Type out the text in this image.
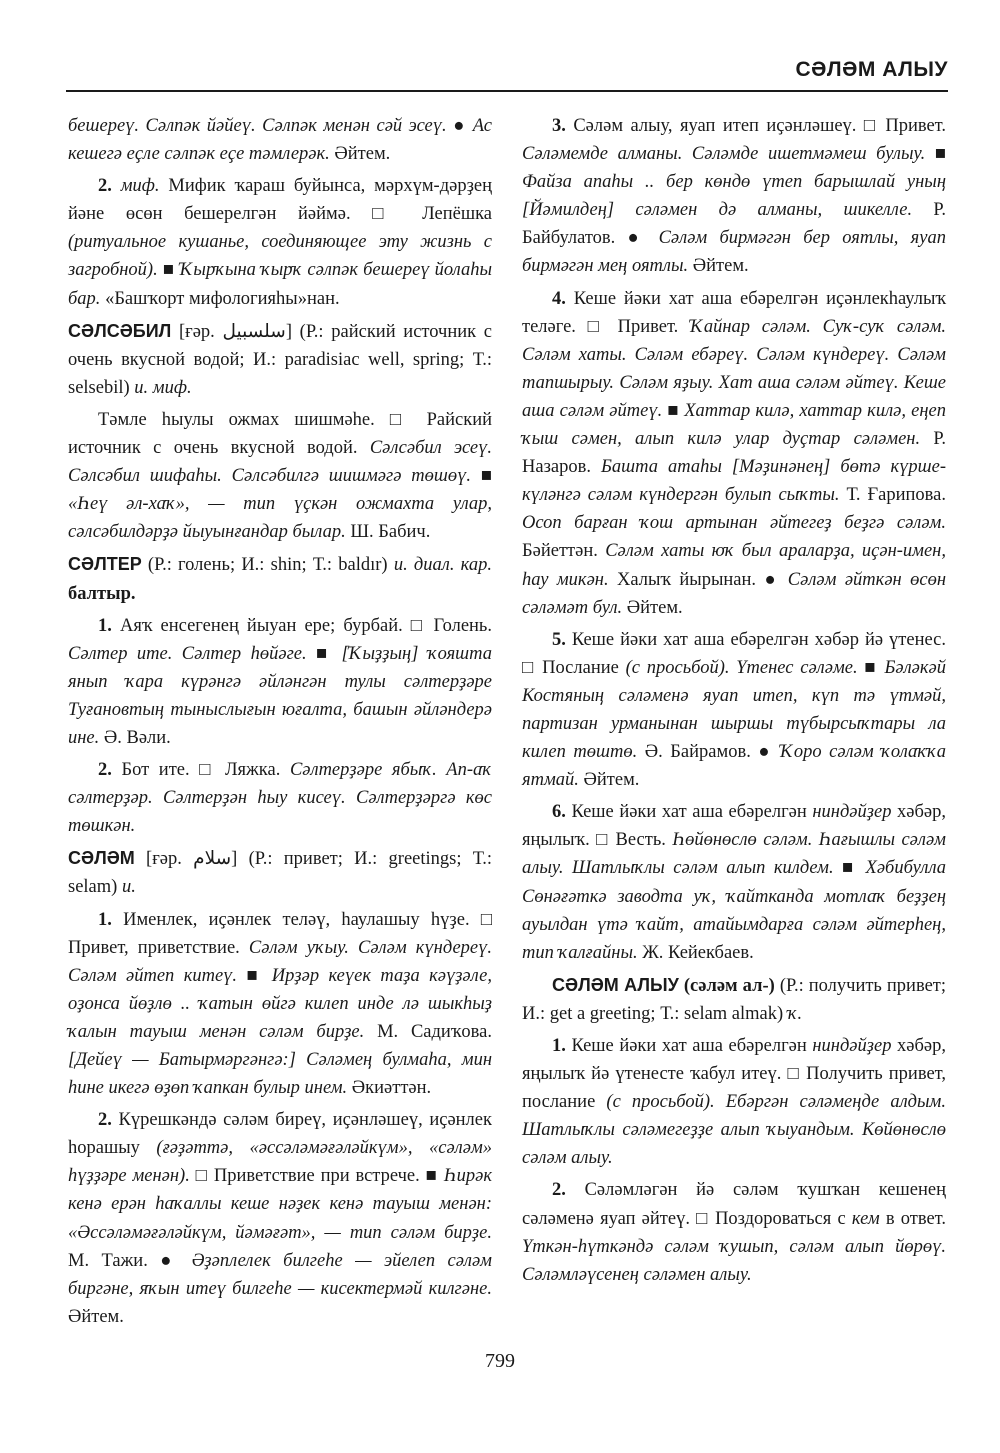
СӘЛӘМ АЛЫУ

бешереү. Сәлпәк йәйеү. Сәлпәк менән сәй эсеү. ● Ас кешегә еҫле сәлпәк еҫе тәмлерәк. Әйтем.

2. миф. Мифик ҡараш буйынса, мәрхүм-дәрҙең йәне өсөн бешерелгән йәймә. □ Лепёшка (ритуальное кушанье, соединяющее эту жизнь с загробной). ■ Ҡырҡына ҡырҡ сәлпәк бешереү йолаһы бар. «Башҡорт мифологияһы»нан.

СӘЛСӘБИЛ [ғәр. سلسبيل] (Р.: райский источник с очень вкусной водой; И.: paradisiac well, spring; Т.: selsebil) и. миф.

Тәмле һыулы ожмах шишмәһе. □ Райский источник с очень вкусной водой. Сәлсәбил эсеү. Сәлсәбил шифаһы. Сәлсәбилгә шишмәгә төшөү. ■ «Һеү әл-хаҡ», — тип үҫкән ожмахта улар, сәлсәбилдәрҙә йыуынғандар былар. Ш. Бабич.

СӘЛТЕР (Р.: голень; И.: shin; Т.: baldır) и. диал. кар. балтыр.

1. Аяҡ енсегенең йыуан ере; бурбай. □ Голень. Сәлтер ите. Сәлтер һөйәге. ■ [Ҡыҙҙың] ҡояшта янып ҡара күрәнгә әйләнгән тулы сәлтерҙәре Туғановтың тыныслығын юғалта, башын әйләндерә ине. Ә. Вәли.

2. Бот ите. □ Ляжка. Сәлтерҙәре ябыҡ. Ап-аҡ сәлтерҙәр. Сәлтерҙән һыу кисеү. Сәлтерҙәргә көс төшкән.

СӘЛӘМ [ғәр. سلام] (Р.: привет; И.: greetings; Т.: selam) и.

1. Именлек, иҫәнлек теләү, һаулашыу һүҙе. □ Привет, приветствие. Сәләм уҡыу. Сәләм күндереү. Сәләм әйтеп китеү. ■ Ирҙәр кеүек таҙа кәүҙәле, оҙонса йөҙлө .. ҡатын өйгә килеп инде лә шыкһыҙ ҡалын тауыш менән сәләм бирҙе. М. Садиҡова. [Дейеү — Батырмәргәнгә:] Сәләмең булмаһа, мин һине икегә өҙөп ҡапкан булыр инем. Әкиәттән.

2. Күрешкәндә сәләм биреү, иҫәнләшеү, иҫәнлек һорашыу (ғәҙәттә, «әссәләмәғәләйкүм», «сәләм» һүҙҙәре менән). □ Приветствие при встрече. ■ Һирәк кенә ерән һаҡаллы кеше нәҙек кенә тауыш менән: «Әссәләмәғәләйкүм, йәмәғәт», — тип сәләм бирҙе. М. Тажи. ● Әҙәплелек билгеһе — эйелеп сәләм биргәне, яҡын итеү билгеһе — кисектермәй килгәне. Әйтем.

3. Сәләм алыу, яуап итеп иҫәнләшеү. □ Привет. Сәләмемде алманы. Сәләмде ишетмәмеш булыу. ■ Файза апаһы .. бер көндө үтеп барышлай уның [Йәмилдең] сәләмен дә алманы, шикелле. Р. Байбулатов. ● Сәләм бирмәгән бер оятлы, яуап бирмәгән мең оятлы. Әйтем.

4. Кеше йәки хат аша ебәрелгән иҫәнлекһаулыҡ теләге. □ Привет. Ҡайнар сәләм. Суҡ-суҡ сәләм. Сәләм хаты. Сәләм ебәреү. Сәләм күндереү. Сәләм тапшырыу. Сәләм яҙыу. Хат аша сәләм әйтеү. Кеше аша сәләм әйтеү. ■ Хаттар килә, хаттар килә, еңеп ҡыш сәмен, алып килә улар дуҫтар сәләмен. Р. Назаров. Башта атаһы [Мәҙинәнең] бөтә күрше-күләнгә сәләм күндергән булып сыҡты. Т. Ғарипова. Осоп барған ҡош артынан әйтегеҙ беҙгә сәләм. Бәйеттән. Сәләм хаты юҡ был араларҙа, иҫән-имен, һау микән. Халыҡ йырынан. ● Сәләм әйткән өсөн сәләмәт бул. Әйтем.

5. Кеше йәки хат аша ебәрелгән хәбәр йә үтенес. □ Послание (с просьбой). Үтенес сәләме. ■ Бәләкәй Костяның сәләменә яуап итеп, күп тә үтмәй, партизан урманынан шыршы түбырсыҡтары ла килеп төштө. Ә. Байрамов. ● Ҡоро сәләм ҡолаҡҡа ятмай. Әйтем.

6. Кеше йәки хат аша ебәрелгән ниндәйҙер хәбәр, яңылыҡ. □ Весть. Һөйөнөслө сәләм. Һағышлы сәләм алыу. Шатлыҡлы сәләм алып килдем. ■ Хәбибулла Сөнәғәткә заводта уҡ, ҡайтканда мотлаҡ беҙҙең ауылдан үтә ҡайт, атайымдарға сәләм әйтерһең, тип ҡалғайны. Ж. Кейекбаев.

СӘЛӘМ АЛЫУ (сәләм ал-) (Р.: получить привет; И.: get a greeting; Т.: selam almak) ҡ.

1. Кеше йәки хат аша ебәрелгән ниндәйҙер хәбәр, яңылыҡ йә үтенесте ҡабул итеү. □ Получить привет, послание (с просьбой). Ебәргән сәләмеңде алдым. Шатлыҡлы сәләмегеҙҙе алып ҡыуандым. Көйөнөслө сәләм алыу.

2. Сәләмләгән йә сәләм ҡушҡан кешенең сәләменә яуап әйтеү. □ Поздороваться с кем в ответ. Үткән-һүткәндә сәләм ҡушып, сәләм алып йөрөү. Сәләмләүсенең сәләмен алыу.

799
